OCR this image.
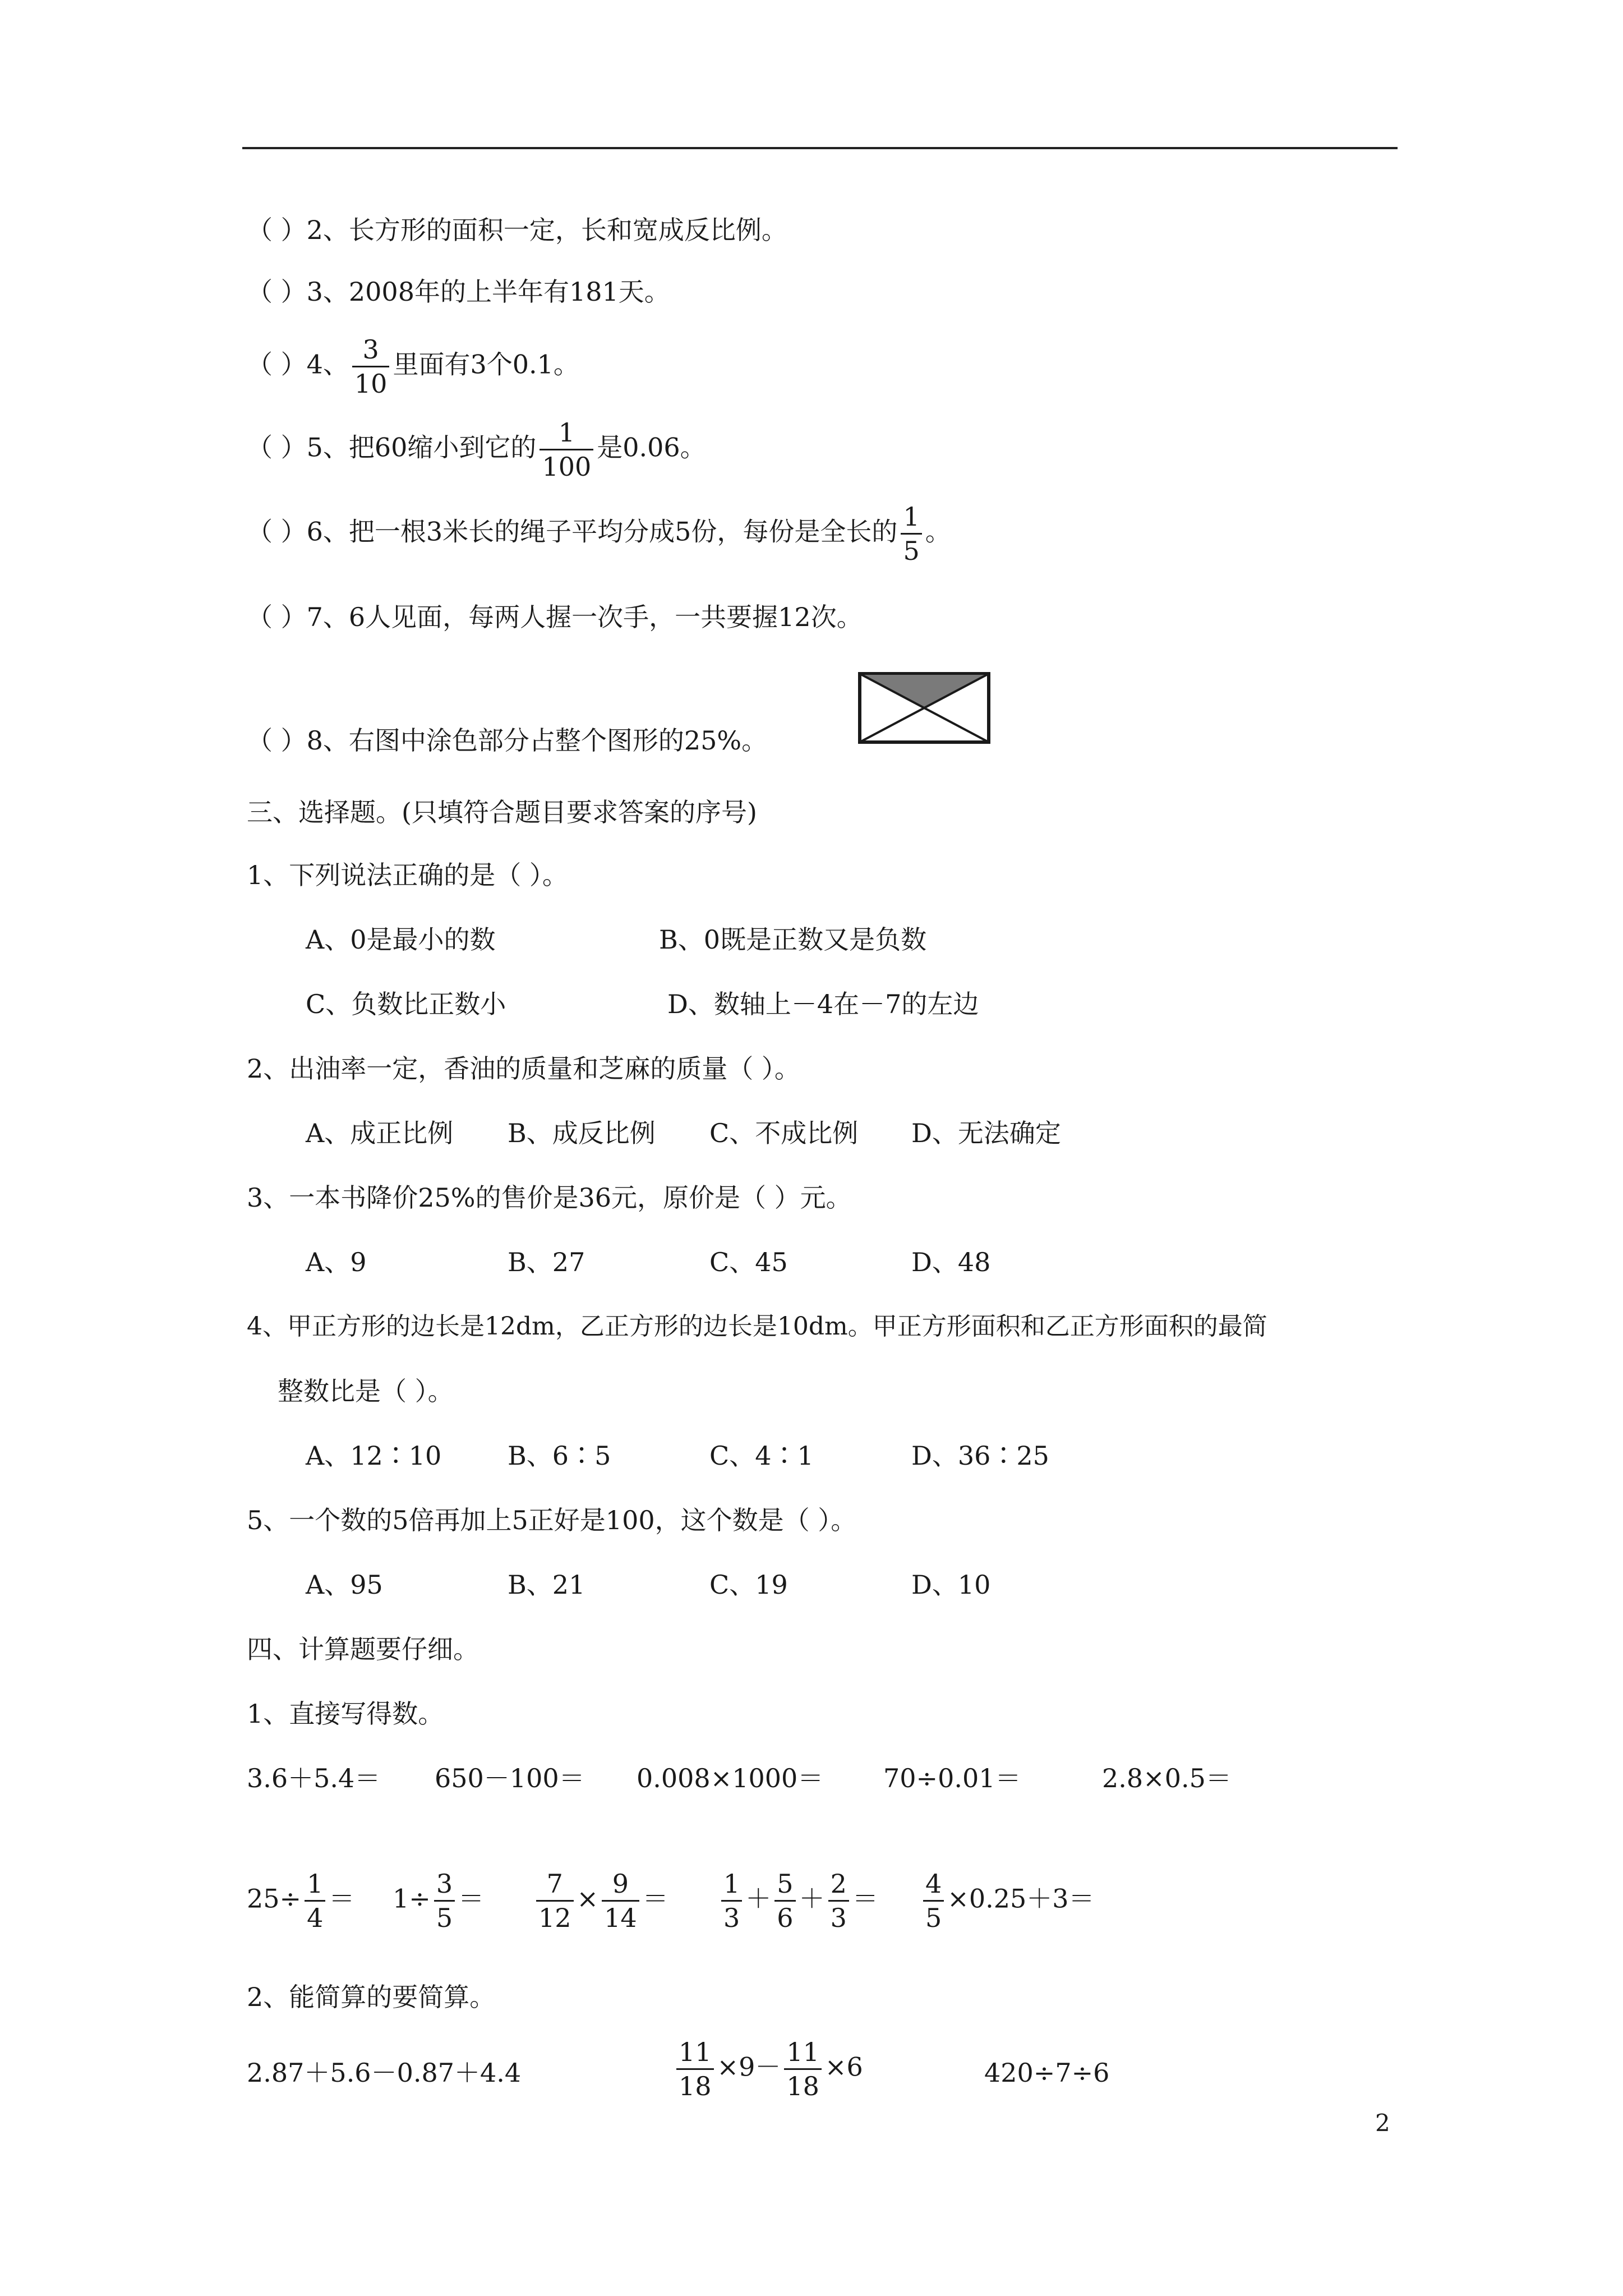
（ ）2、长方形的面积一定，长和宽成反比例。
（ ）3、2008年的上半年有181天。
（ ）4、 $\frac{3}{10}$ 里面有3个0.1。
（ ）5、把60缩小到它的 $\frac{1}{100}$ 是0.06。
（ ）6、把一根3米长的绳子平均分成5份，每份是全长的 $\frac{1}{5}$ 。
（ ）7、6人见面，每两人握一次手，一共要握12次。
（ ）8、右图中涂色部分占整个图形的25%。
三、选择题。(只填符合题目要求答案的序号)
1、下列说法正确的是（ ）。
A、0是最小的数	B、0既是正数又是负数
C、负数比正数小	D、数轴上－4在－7的左边
2、出油率一定，香油的质量和芝麻的质量（ ）。
A、成正比例 B、成反比例 C、不成比例 D、无法确定
3、一本书降价25%的售价是36元，原价是（ ）元。
A、9	B、27	C、45	D、48
4、甲正方形的边长是12dm，乙正方形的边长是10dm。甲正方形面积和乙正方形面积的最简
整数比是（ ）。
A、12∶10	B、6∶5	C、4∶1	D、36∶25
5、一个数的5倍再加上5正好是100，这个数是（ ）。
A、95	B、21	C、19	D、10
四、计算题要仔细。
1、直接写得数。
3.6＋5.4＝ 650－100＝ 0.008×1000＝ 70÷0.01＝	2.8×0.5＝
$25\div \frac{1}{4} = 1\div \frac{3}{5} = \frac{7}{12} \times \frac{9}{14} = \frac{1}{3} + \frac{5}{6} + \frac{2}{3} = \frac{4}{5} \times 0.25+3=$
2、能简算的要简算。
2.87＋5.6－0.87＋4.4	$\frac{11}{18} \times 9- \frac{11}{18} \times 6$	420÷7÷6
2
